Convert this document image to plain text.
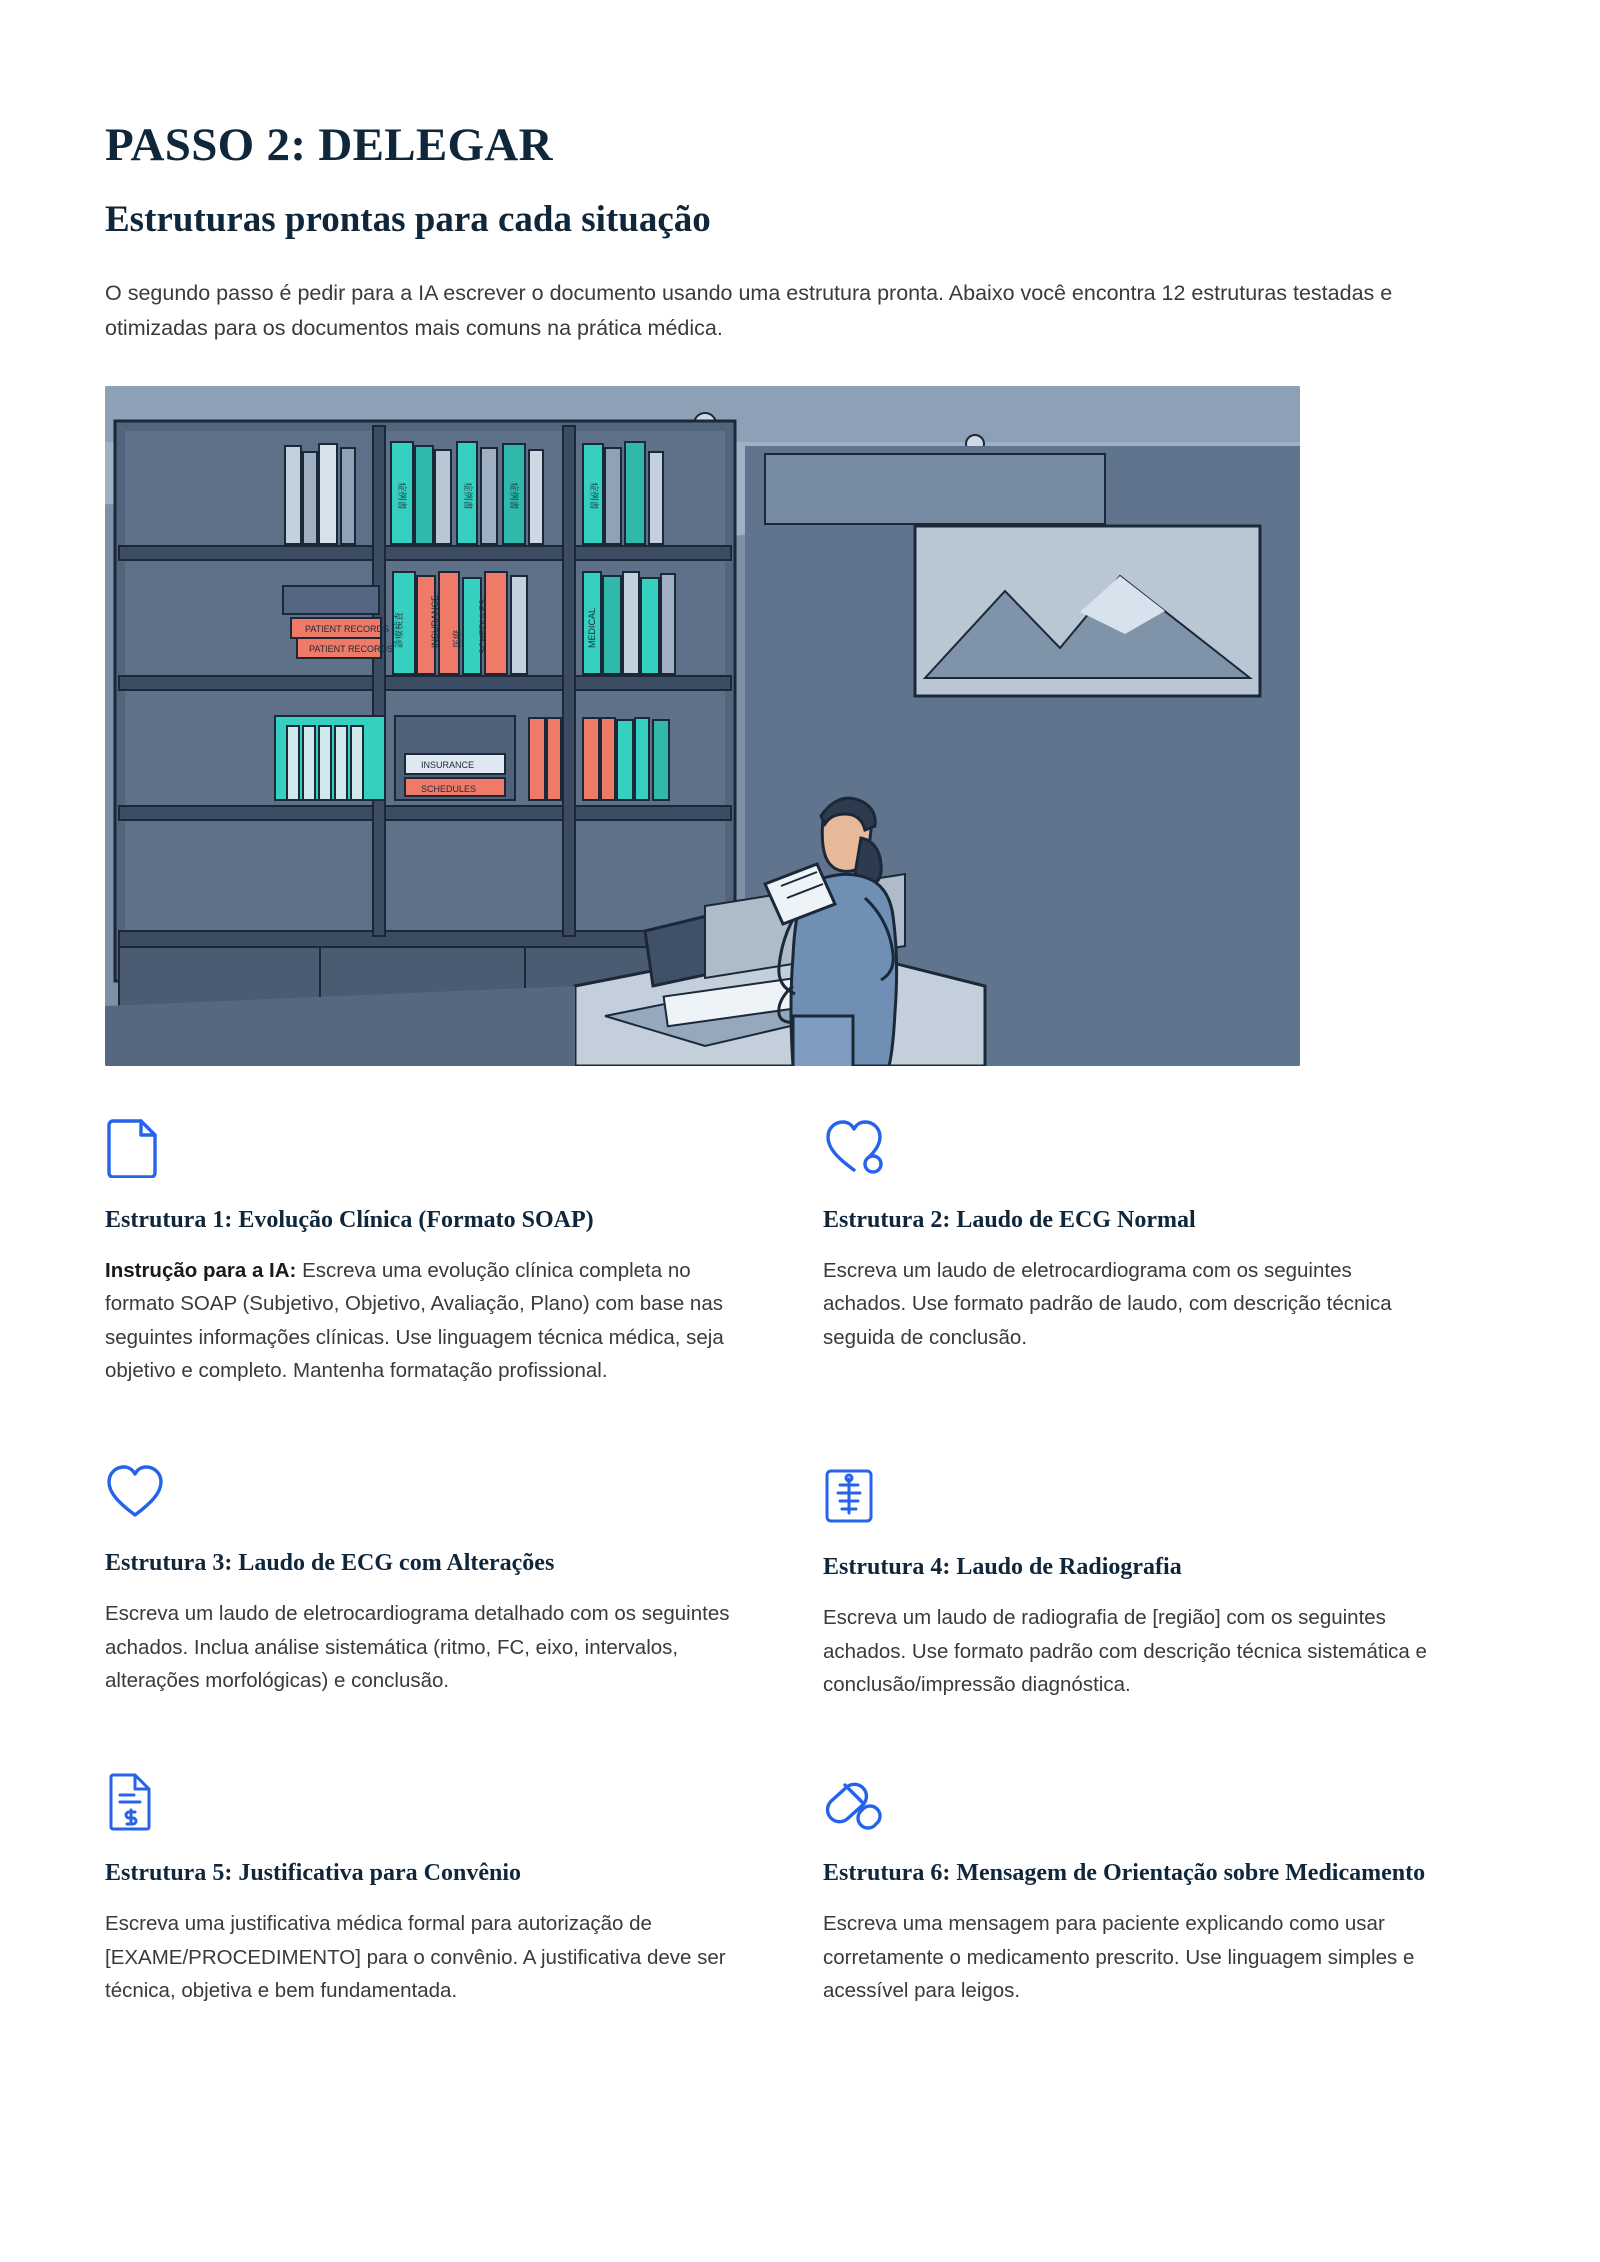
PASSO 2: DELEGAR
Estruturas prontas para cada situação

O segundo passo é pedir para a IA escrever o documento usando uma estrutura pronta. Abaixo você encontra 12 estruturas testadas e otimizadas para os documentos mais comuns na prática médica.

症例書	症例書	症例書	症例書
PATIENT RECORDS
PATIENT RECORDS
INSURANCE 医療 SCHEDULES
診療検査	MEDICAL
INSURANCE
SCHEDULES
Estrutura 1: Evolução Clínica (Formato SOAP)

Instrução para a IA: Escreva uma evolução clínica completa no formato SOAP (Subjetivo, Objetivo, Avaliação, Plano) com base nas seguintes informações clínicas. Use linguagem técnica médica, seja objetivo e completo. Mantenha formatação profissional.

Estrutura 2: Laudo de ECG Normal

Escreva um laudo de eletrocardiograma com os seguintes achados. Use formato padrão de laudo, com descrição técnica seguida de conclusão.

Estrutura 3: Laudo de ECG com Alterações

Escreva um laudo de eletrocardiograma detalhado com os seguintes achados. Inclua análise sistemática (ritmo, FC, eixo, intervalos, alterações morfológicas) e conclusão.

Estrutura 4: Laudo de Radiografia

Escreva um laudo de radiografia de [região] com os seguintes achados. Use formato padrão com descrição técnica sistemática e conclusão/impressão diagnóstica.

Estrutura 5: Justificativa para Convênio

Escreva uma justificativa médica formal para autorização de [EXAME/PROCEDIMENTO] para o convênio. A justificativa deve ser técnica, objetiva e bem fundamentada.

Estrutura 6: Mensagem de Orientação sobre Medicamento

Escreva uma mensagem para paciente explicando como usar corretamente o medicamento prescrito. Use linguagem simples e acessível para leigos.
